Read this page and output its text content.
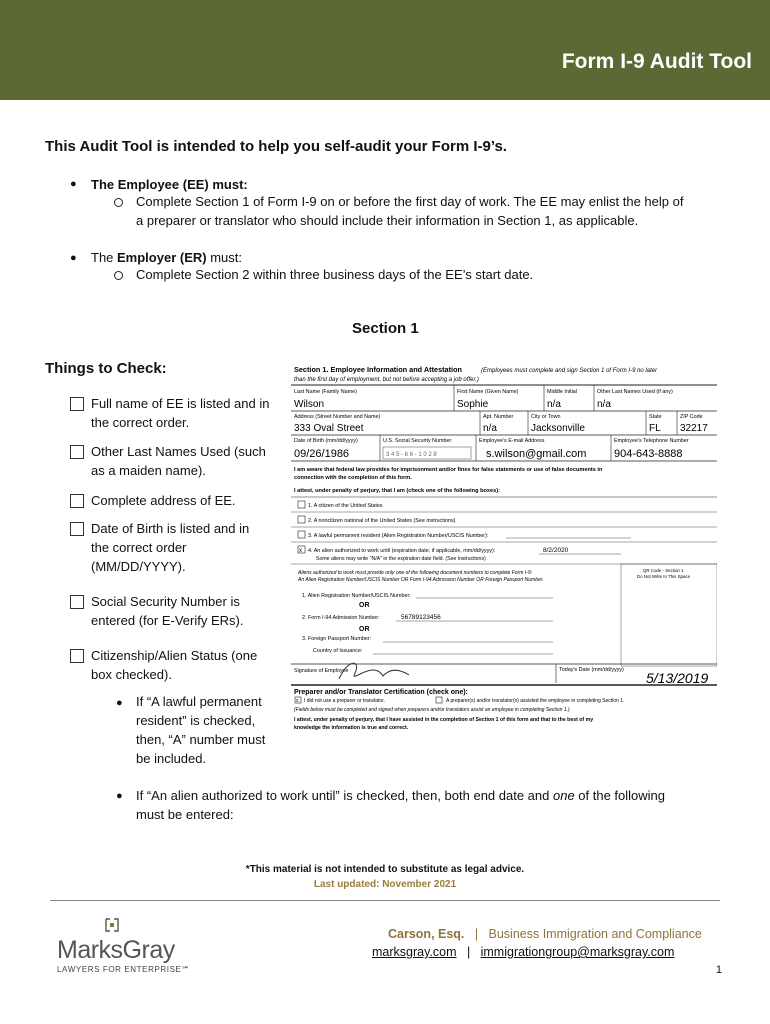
Form I-9 Audit Tool
This Audit Tool is intended to help you self-audit your Form I-9’s.
● The Employee (EE) must:
Complete Section 1 of Form I-9 on or before the first day of work. The EE may enlist the help of
a preparer or translator who should include their information in Section 1, as applicable.
● The Employer (ER) must:
Complete Section 2 within three business days of the EE’s start date.
Section 1
Things to Check:
Full name of EE is listed and in
the correct order.
Other Last Names Used (such
as a maiden name).
Complete address of EE.
Date of Birth is listed and in
the correct order
(MM/DD/YYYY).
Social Security Number is
entered (for E-Verify ERs).
Citizenship/Alien Status (one
box checked).
● If “A lawful permanent
resident” is checked,
then, “A” number must
be included.
● If “An alien authorized to work until” is checked, then, both end date and one of the following
must be entered:
Section 1. Employee Information and Attestation	(Employees must complete and sign Section 1 of Form I-9 no later
than the first day of employment, but not before accepting a job offer.)
Last Name (Family Name)	First Name (Given Name)	Middle Initial	Other Last Names Used (if any)
Wilson	Sophie	n/a	n/a
Address (Street Number and Name)	Apt. Number	City or Town	State	ZIP Code
333 Oval Street	n/a	Jacksonville	FL 32217
Date of Birth (mm/dd/yyyy)	U.S. Social Security Number	Employee's E-mail Address	Employee's Telephone Number
09/26/1986	3 4 5 - 6 6 - 1 0 2 8	s.wilson@gmail.com	904-643-8888
I am aware that federal law provides for imprisonment and/or fines for false statements or use of false documents in
connection with the completion of this form.
I attest, under penalty of perjury, that I am (check one of the following boxes):
1. A citizen of the United States
2. A noncitizen national of the United States (See instructions)
3. A lawful permanent resident (Alien Registration Number/USCIS Number):
x 4. An alien authorized to work until (expiration date, if applicable, mm/dd/yyyy):	8/2/2020
Some aliens may write "N/A" in the expiration date field. (See instructions)
Aliens authorized to work must provide only one of the following document numbers to complete Form I-9:
An Alien Registration Number/USCIS Number OR Form I-94 Admission Number OR Foreign Passport Number.
QR Code - Section 1
Do Not Write In This Space
1. Alien Registration Number/USCIS Number:
OR
2. Form I-94 Admission Number:	56789123456
OR
3. Foreign Passport Number:
Country of Issuance:
Signature of Employee	Today's Date (mm/dd/yyyy) 5/13/2019
Preparer and/or Translator Certification (check one):
x I did not use a preparer or translator.	A preparer(s) and/or translator(s) assisted the employee in completing Section 1.
(Fields below must be completed and signed when preparers and/or translators assist an employee in completing Section 1.)
I attest, under penalty of perjury, that I have assisted in the completion of Section 1 of this form and that to the best of my
knowledge the information is true and correct.
*This material is not intended to substitute as legal advice.
Last updated: November 2021
MarksGray
LAWYERS FOR ENTERPRISE℠
Carson, Esq. | Business Immigration and Compliance
marksgray.com | immigrationgroup@marksgray.com
1
